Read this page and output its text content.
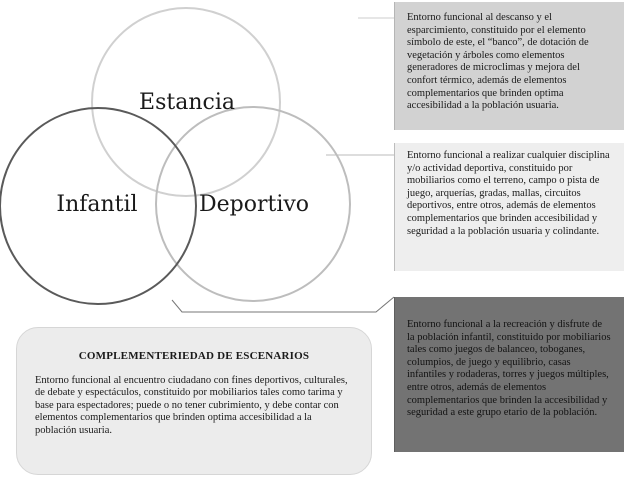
Estancia
Infantil	Deportivo

Entorno funcional al descanso y el esparcimiento, constituido por el elemento símbolo de este, el “banco”, de dotación de vegetación y árboles como elementos generadores de microclimas y mejora del confort térmico, además de elementos complementarios que brinden optima accesibilidad a la población usuaria.

Entorno funcional a realizar cualquier disciplina y/o actividad deportiva, constituido por mobiliarios como el terreno, campo o pista de juego, arquerías, gradas, mallas, circuitos deportivos, entre otros, además de elementos complementarios que brinden accesibilidad y seguridad a la población usuaria y colindante.

Entorno funcional a la recreación y disfrute de la población infantil, constituido por mobiliarios tales como juegos de balanceo, toboganes, columpios, de juego y equilibrio, casas infantiles y rodaderas, torres y juegos múltiples, entre otros, además de elementos complementarios que brinden la accesibilidad y seguridad a este grupo etario de la población.

COMPLEMENTERIEDAD DE ESCENARIOS

Entorno funcional al encuentro ciudadano con fines deportivos, culturales, de debate y espectáculos, constituido por mobiliarios tales como tarima y base para espectadores; puede o no tener cubrimiento, y debe contar con elementos complementarios que brinden optima accesibilidad a la población usuaria.
